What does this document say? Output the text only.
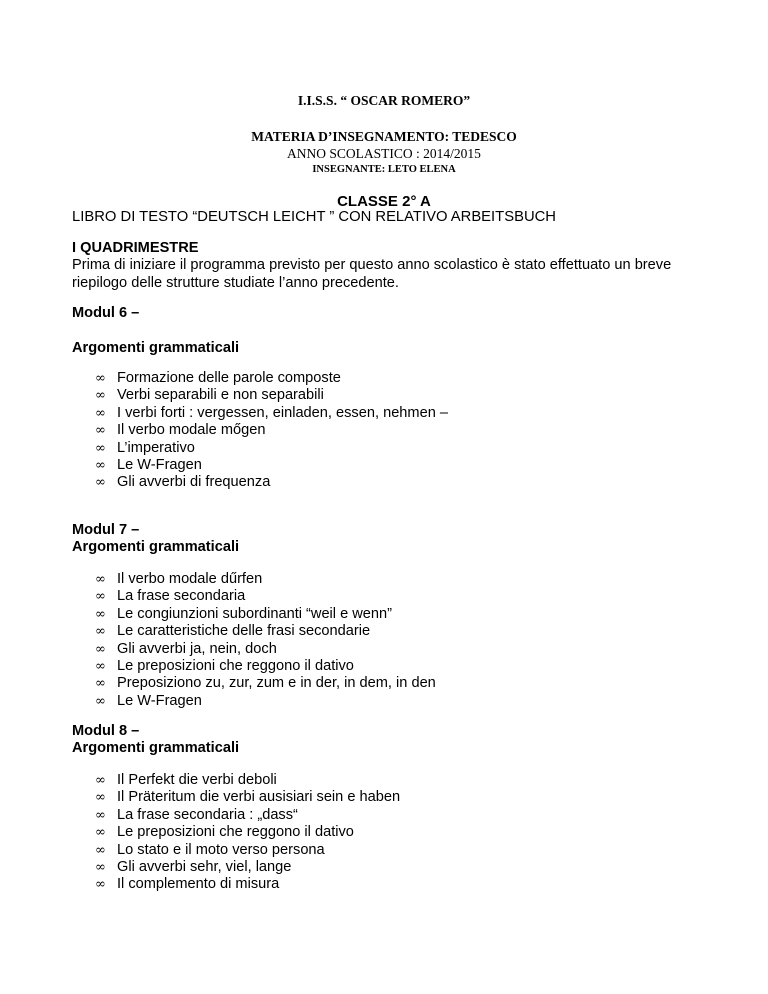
I.I.S.S. “ OSCAR ROMERO”
MATERIA D’INSEGNAMENTO: TEDESCO
ANNO SCOLASTICO : 2014/2015
INSEGNANTE: LETO ELENA
CLASSE 2° A
LIBRO DI TESTO “DEUTSCH LEICHT ” CON RELATIVO ARBEITSBUCH
I QUADRIMESTRE

Prima di iniziare il programma previsto per questo anno scolastico è stato effettuato un breve riepilogo delle strutture studiate l’anno precedente.

Modul 6 –
Argomenti grammaticali
∞ Formazione delle parole composte
∞ Verbi separabili e non separabili
∞ I verbi forti : vergessen, einladen, essen, nehmen –
∞ Il verbo modale mőgen
∞ L’imperativo
∞ Le W-Fragen
∞ Gli avverbi di frequenza
Modul 7 –
Argomenti grammaticali
∞ Il verbo modale dűrfen
∞ La frase secondaria
∞ Le congiunzioni subordinanti “weil e wenn”
∞ Le caratteristiche delle frasi secondarie
∞ Gli avverbi ja, nein, doch
∞ Le preposizioni che reggono il dativo
∞ Preposiziono zu, zur, zum e in der, in dem, in den
∞ Le W-Fragen
Modul 8 –
Argomenti grammaticali
∞ Il Perfekt die verbi deboli
∞ Il Präteritum die verbi ausisiari sein e haben
∞ La frase secondaria : „dass“
∞ Le preposizioni che reggono il dativo
∞ Lo stato e il moto verso persona
∞ Gli avverbi sehr, viel, lange
∞ Il complemento di misura
